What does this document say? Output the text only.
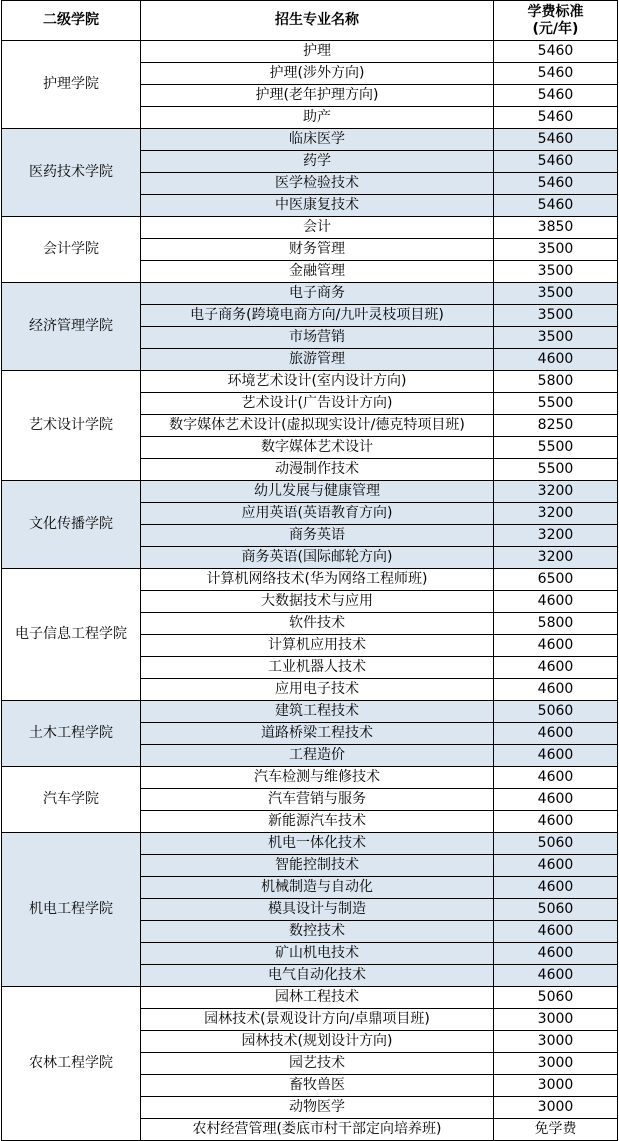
二级学院	招生专业名称	学费标准
(元/年)

护理学院	护理	5460
	护理(涉外方向)	5460
	护理(老年护理方向)	5460
	助产	5460
医药技术学院	临床医学	5460
	药学	5460
	医学检验技术	5460
	中医康复技术	5460
会计学院	会计	3850
	财务管理	3500
	金融管理	3500
经济管理学院	电子商务	3500
	电子商务(跨境电商方向/九叶灵枝项目班)	3500
	市场营销	3500
	旅游管理	4600
艺术设计学院	环境艺术设计(室内设计方向)	5800
	艺术设计(广告设计方向)	5500
	数字媒体艺术设计(虚拟现实设计/德克特项目班)	8250
	数字媒体艺术设计	5500
	动漫制作技术	5500
文化传播学院	幼儿发展与健康管理	3200
	应用英语(英语教育方向)	3200
	商务英语	3200
	商务英语(国际邮轮方向)	3200
电子信息工程学院	计算机网络技术(华为网络工程师班)	6500
	大数据技术与应用	4600
	软件技术	5800
	计算机应用技术	4600
	工业机器人技术	4600
	应用电子技术	4600
土木工程学院	建筑工程技术	5060
	道路桥梁工程技术	4600
	工程造价	4600
汽车学院	汽车检测与维修技术	4600
	汽车营销与服务	4600
	新能源汽车技术	4600
机电工程学院	机电一体化技术	5060
	智能控制技术	4600
	机械制造与自动化	4600
	模具设计与制造	5060
	数控技术	4600
	矿山机电技术	4600
	电气自动化技术	4600
农林工程学院	园林工程技术	5060
	园林技术(景观设计方向/卓鼎项目班)	3000
	园林技术(规划设计方向)	3000
	园艺技术	3000
	畜牧兽医	3000
	动物医学	3000
	农村经营管理(娄底市村干部定向培养班)	免学费
